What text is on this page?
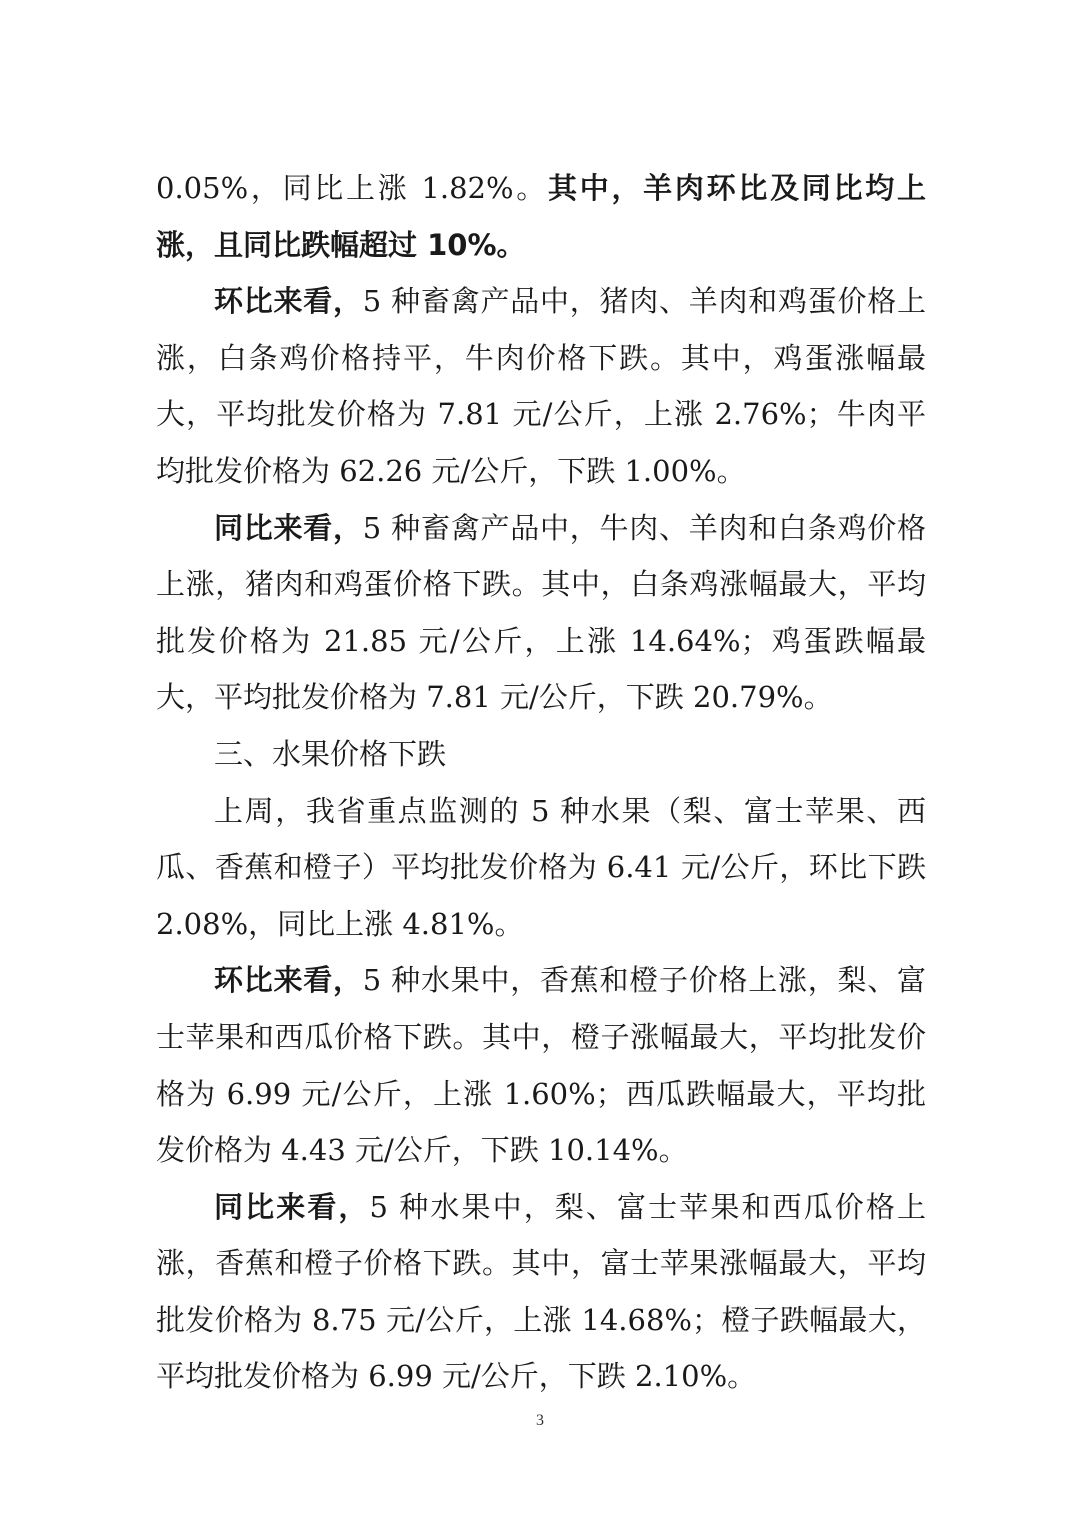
0.05%，同比上涨 1.82%。其中，羊肉环比及同比均上涨，且同比跌幅超过 10%。

环比来看，5 种畜禽产品中，猪肉、羊肉和鸡蛋价格上涨，白条鸡价格持平，牛肉价格下跌。其中，鸡蛋涨幅最大，平均批发价格为 7.81 元/公斤，上涨 2.76%；牛肉平均批发价格为 62.26 元/公斤，下跌 1.00%。

同比来看，5 种畜禽产品中，牛肉、羊肉和白条鸡价格上涨，猪肉和鸡蛋价格下跌。其中，白条鸡涨幅最大，平均批发价格为 21.85 元/公斤，上涨 14.64%；鸡蛋跌幅最大，平均批发价格为 7.81 元/公斤，下跌 20.79%。

三、水果价格下跌

上周，我省重点监测的 5 种水果（梨、富士苹果、西瓜、香蕉和橙子）平均批发价格为 6.41 元/公斤，环比下跌 2.08%，同比上涨 4.81%。

环比来看，5 种水果中，香蕉和橙子价格上涨，梨、富士苹果和西瓜价格下跌。其中，橙子涨幅最大，平均批发价格为 6.99 元/公斤，上涨 1.60%；西瓜跌幅最大，平均批发价格为 4.43 元/公斤，下跌 10.14%。

同比来看，5 种水果中，梨、富士苹果和西瓜价格上涨，香蕉和橙子价格下跌。其中，富士苹果涨幅最大，平均批发价格为 8.75 元/公斤，上涨 14.68%；橙子跌幅最大，平均批发价格为 6.99 元/公斤，下跌 2.10%。

3
